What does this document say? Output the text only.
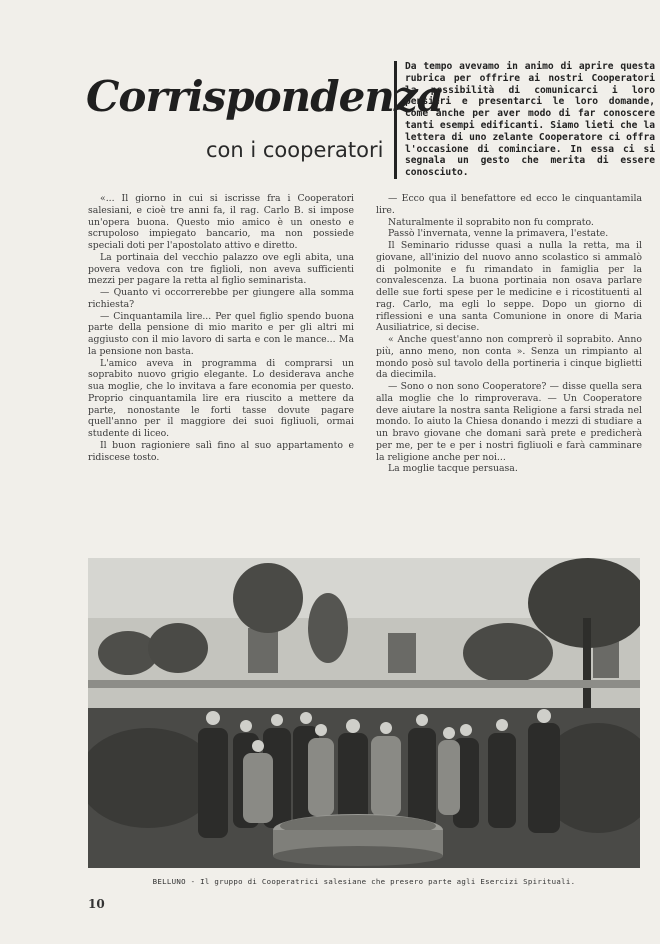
Corrispondenza
con i cooperatori
Da tempo avevamo in animo di aprire questa rubrica per offrire ai nostri Cooperatori la possibilità di comunicarci i loro pensieri e presentarci le loro domande, come anche per aver modo di far conoscere tanti esempi edificanti. Siamo lieti che la lettera di uno zelante Cooperatore ci offra l'occasione di cominciare. In essa ci si segnala un gesto che merita di essere conosciuto.

«... Il giorno in cui si iscrisse fra i Cooperatori salesiani, e cioè tre anni fa, il rag. Carlo B. si impose un'opera buona. Questo mio amico è un onesto e scrupoloso impiegato bancario, ma non possiede speciali doti per l'apostolato attivo e diretto.

La portinaia del vecchio palazzo ove egli abita, una povera vedova con tre figlioli, non aveva sufficienti mezzi per pagare la retta al figlio seminarista.

— Quanto vi occorrerebbe per giungere alla somma richiesta?

— Cinquantamila lire... Per quel figlio spendo buona parte della pensione di mio marito e per gli altri mi aggiusto con il mio lavoro di sarta e con le mance... Ma la pensione non basta.

L'amico aveva in programma di comprarsi un soprabito nuovo grigio elegante. Lo desiderava anche sua moglie, che lo invitava a fare economia per questo. Proprio cinquantamila lire era riuscito a mettere da parte, nonostante le forti tasse dovute pagare quell'anno per il maggiore dei suoi figliuoli, ormai studente di liceo.

Il buon ragioniere salì fino al suo appartamento e ridiscese tosto.

— Ecco qua il benefattore ed ecco le cinquantamila lire.

Naturalmente il soprabito non fu comprato.

Passò l'invernata, venne la primavera, l'estate.

Il Seminario ridusse quasi a nulla la retta, ma il giovane, all'inizio del nuovo anno scolastico si ammalò di polmonite e fu rimandato in famiglia per la convalescenza. La buona portinaia non osava parlare delle sue forti spese per le medicine e i ricostituenti al rag. Carlo, ma egli lo seppe. Dopo un giorno di riflessioni e una santa Comunione in onore di Maria Ausiliatrice, si decise.

« Anche quest'anno non comprerò il soprabito. Anno più, anno meno, non conta ». Senza un rimpianto al mondo posò sul tavolo della portineria i cinque biglietti da diecimila.

— Sono o non sono Cooperatore? — disse quella sera alla moglie che lo rimproverava. — Un Cooperatore deve aiutare la nostra santa Religione a farsi strada nel mondo. Io aiuto la Chiesa donando i mezzi di studiare a un bravo giovane che domani sarà prete e predicherà per me, per te e per i nostri figliuoli e farà camminare la religione anche per noi...

La moglie tacque persuasa.

BELLUNO - Il gruppo di Cooperatrici salesiane che presero parte agli Esercizi Spirituali.
10
